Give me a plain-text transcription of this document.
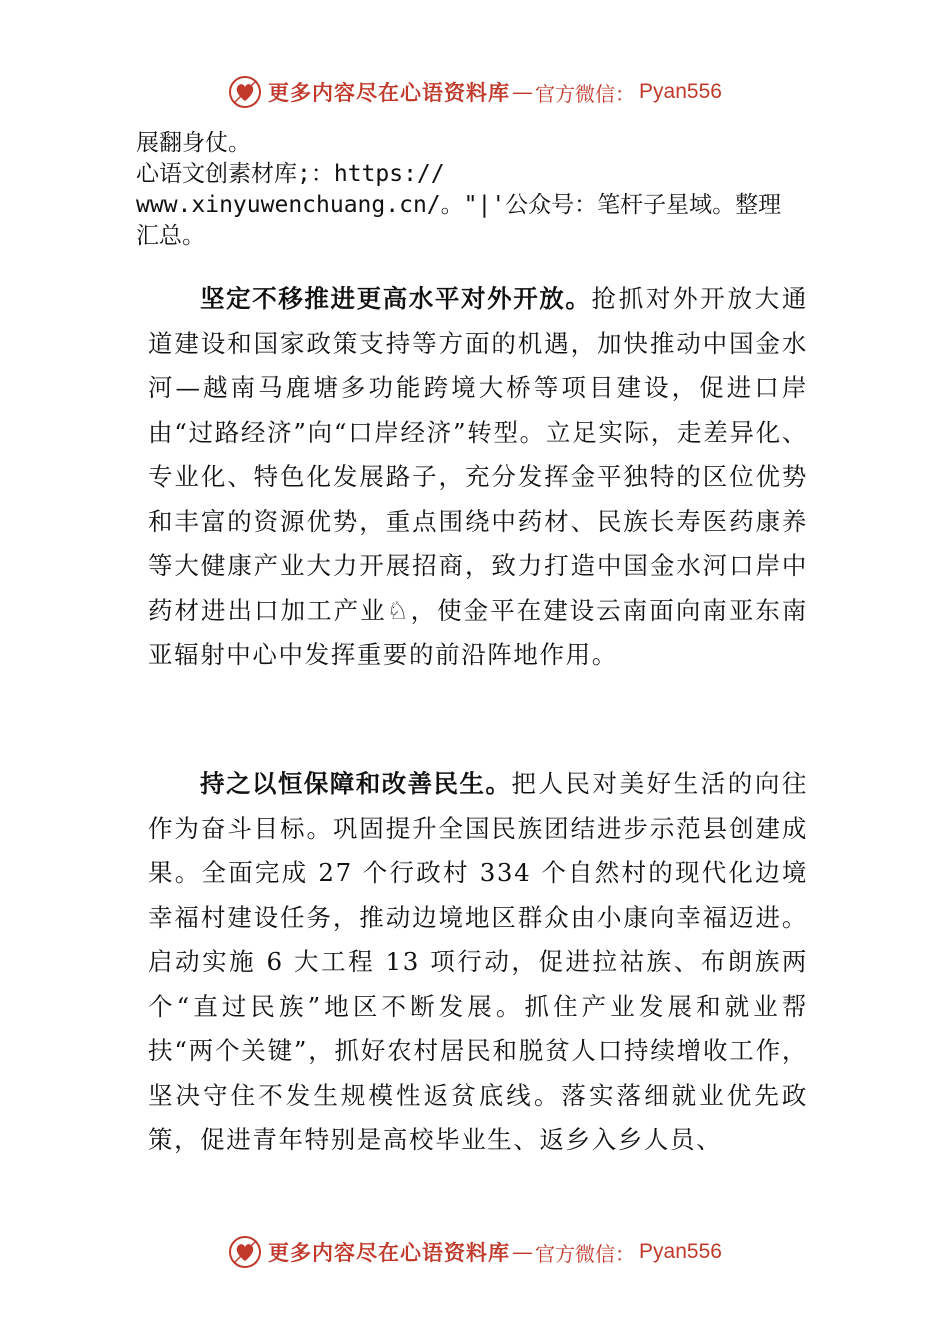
更多内容尽在心语资料库 — 官方微信： Pyan556
展翻身仗。
心语文创素材库;：https://
www.xinyuwenchuang.cn/。"|'公众号：笔杆子星域。整理
汇总。
坚定不移推进更高水平对外开放。抢抓对外开放大通道建设和国家政策支持等方面的机遇，加快推动中国金水河—越南马鹿塘多功能跨境大桥等项目建设，促进口岸由“过路经济”向“口岸经济”转型。立足实际，走差异化、专业化、特色化发展路子，充分发挥金平独特的区位优势和丰富的资源优势，重点围绕中药材、民族长寿医药康养等大健康产业大力开展招商，致力打造中国金水河口岸中药材进出口加工产业♘，使金平在建设云南面向南亚东南亚辐射中心中发挥重要的前沿阵地作用。
持之以恒保障和改善民生。把人民对美好生活的向往作为奋斗目标。巩固提升全国民族团结进步示范县创建成果。全面完成 27 个行政村 334 个自然村的现代化边境幸福村建设任务，推动边境地区群众由小康向幸福迈进。启动实施 6 大工程 13 项行动，促进拉祜族、布朗族两个“直过民族”地区不断发展。抓住产业发展和就业帮扶“两个关键”，抓好农村居民和脱贫人口持续增收工作，坚决守住不发生规模性返贫底线。落实落细就业优先政策，促进青年特别是高校毕业生、返乡入乡人员、
更多内容尽在心语资料库 — 官方微信： Pyan556
